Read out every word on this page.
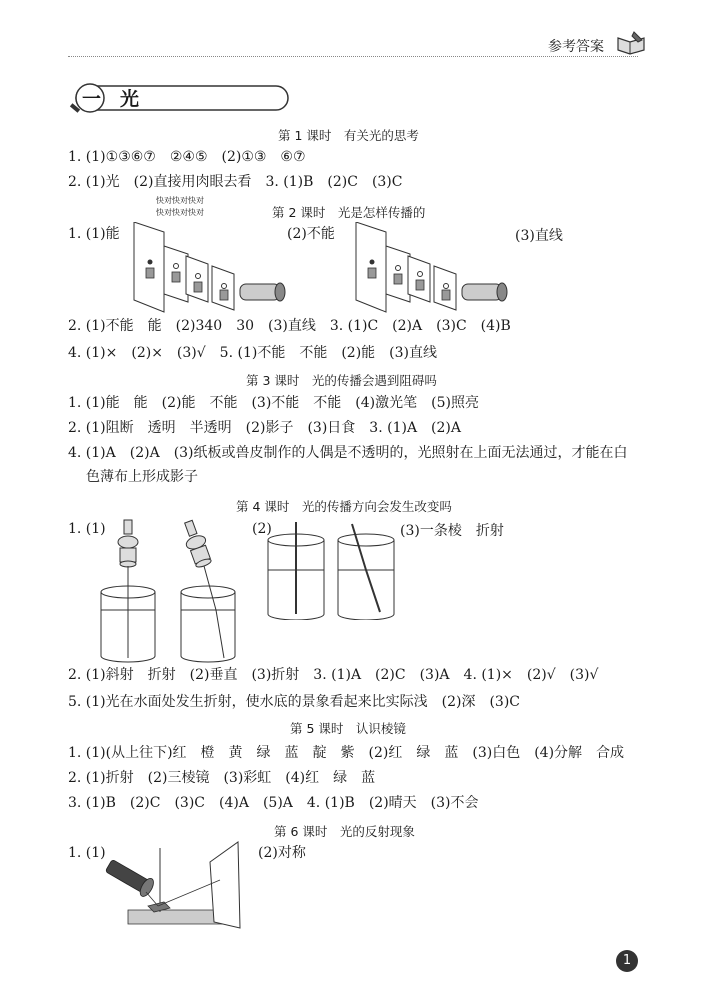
参考答案
一 光
第 1 课时　有关光的思考
1. (1)①③⑥⑦　②④⑤　(2)①③　⑥⑦
2. (1)光　(2)直接用肉眼去看　3. (1)B　(2)C　(3)C
快对快对快对
快对快对快对	第 2 课时　光是怎样传播的
1. (1)能	(2)不能	(3)直线
2. (1)不能　能　(2)340　30　(3)直线　3. (1)C　(2)A　(3)C　(4)B
4. (1)×　(2)×　(3)√　5. (1)不能　不能　(2)能　(3)直线
第 3 课时　光的传播会遇到阻碍吗
1. (1)能　能　(2)能　不能　(3)不能　不能　(4)激光笔　(5)照亮
2. (1)阻断　透明　半透明　(2)影子　(3)日食　3. (1)A　(2)A
4. (1)A　(2)A　(3)纸板或兽皮制作的人偶是不透明的，光照射在上面无法通过，才能在白
色薄布上形成影子
第 4 课时　光的传播方向会发生改变吗
1. (1)	(2)	(3)一条棱　折射
2. (1)斜射　折射　(2)垂直　(3)折射　3. (1)A　(2)C　(3)A　4. (1)×　(2)√　(3)√
5. (1)光在水面处发生折射，使水底的景象看起来比实际浅　(2)深　(3)C
第 5 课时　认识棱镜
1. (1)(从上往下)红　橙　黄　绿　蓝　靛　紫　(2)红　绿　蓝　(3)白色　(4)分解　合成
2. (1)折射　(2)三棱镜　(3)彩虹　(4)红　绿　蓝
3. (1)B　(2)C　(3)C　(4)A　(5)A　4. (1)B　(2)晴天　(3)不会
第 6 课时　光的反射现象
1. (1)	(2)对称
1
